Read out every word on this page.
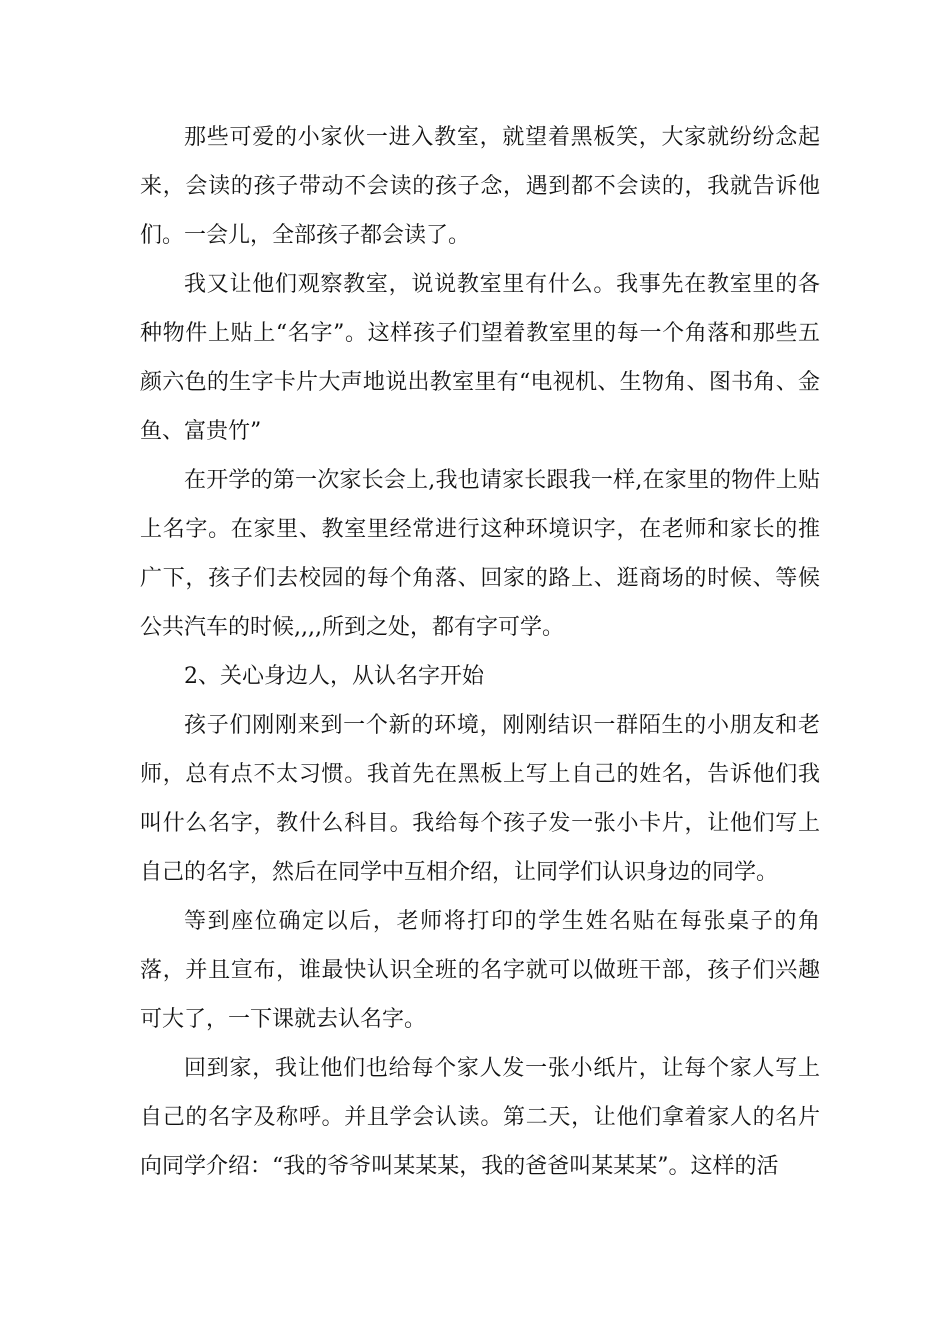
那些可爱的小家伙一进入教室，就望着黑板笑，大家就纷纷念起来，会读的孩子带动不会读的孩子念，遇到都不会读的，我就告诉他们。一会儿，全部孩子都会读了。

我又让他们观察教室，说说教室里有什么。我事先在教室里的各种物件上贴上“名字”。这样孩子们望着教室里的每一个角落和那些五颜六色的生字卡片大声地说出教室里有“电视机、生物角、图书角、金鱼、富贵竹”

在开学的第一次家长会上,我也请家长跟我一样,在家里的物件上贴上名字。在家里、教室里经常进行这种环境识字，在老师和家长的推广下，孩子们去校园的每个角落、回家的路上、逛商场的时候、等候公共汽车的时候,,,,所到之处，都有字可学。

2、关心身边人，从认名字开始

孩子们刚刚来到一个新的环境，刚刚结识一群陌生的小朋友和老师，总有点不太习惯。我首先在黑板上写上自己的姓名，告诉他们我叫什么名字，教什么科目。我给每个孩子发一张小卡片，让他们写上自己的名字，然后在同学中互相介绍，让同学们认识身边的同学。

等到座位确定以后，老师将打印的学生姓名贴在每张桌子的角落，并且宣布，谁最快认识全班的名字就可以做班干部，孩子们兴趣可大了，一下课就去认名字。

回到家，我让他们也给每个家人发一张小纸片，让每个家人写上自己的名字及称呼。并且学会认读。第二天，让他们拿着家人的名片向同学介绍：“我的爷爷叫某某某，我的爸爸叫某某某”。这样的活
